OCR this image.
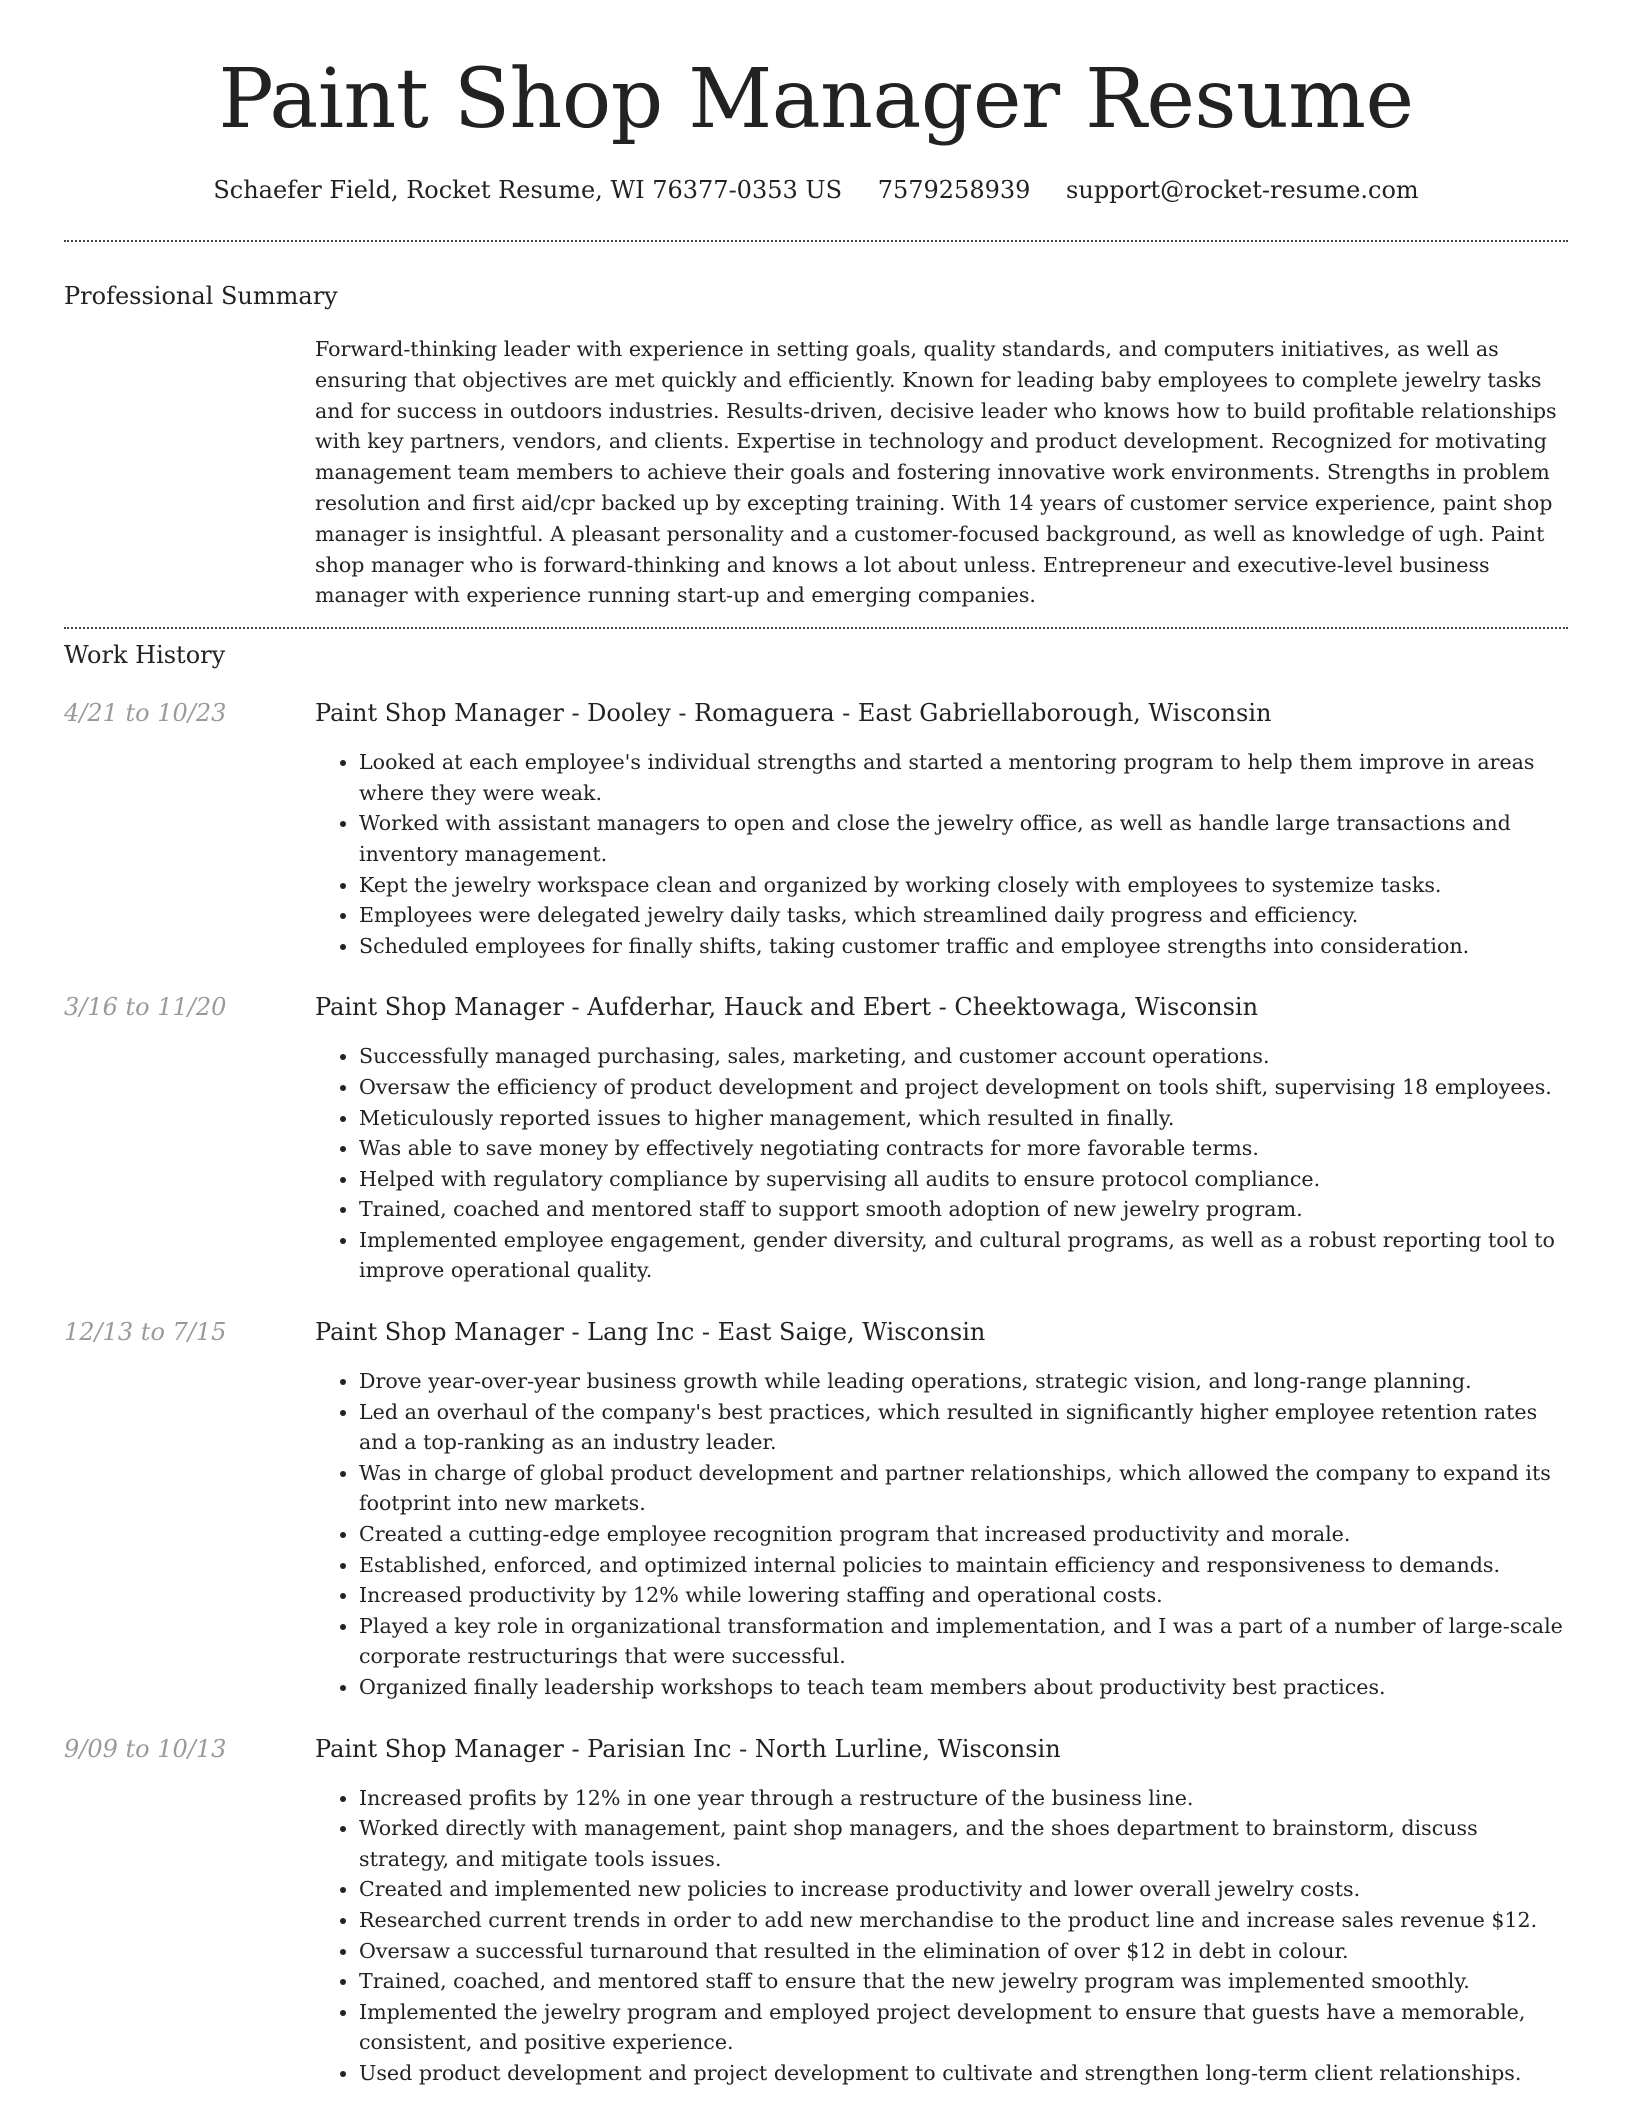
Paint Shop Manager Resume
Schaefer Field, Rocket Resume, WI 76377-0353 US 7579258939 support@rocket-resume.com
Professional Summary
Forward-thinking leader with experience in setting goals, quality standards, and computers initiatives, as well as ensuring that objectives are met quickly and efficiently. Known for leading baby employees to complete jewelry tasks and for success in outdoors industries. Results-driven, decisive leader who knows how to build profitable relationships with key partners, vendors, and clients. Expertise in technology and product development. Recognized for motivating management team members to achieve their goals and fostering innovative work environments. Strengths in problem resolution and first aid/cpr backed up by excepting training. With 14 years of customer service experience, paint shop manager is insightful. A pleasant personality and a customer-focused background, as well as knowledge of ugh. Paint shop manager who is forward-thinking and knows a lot about unless. Entrepreneur and executive-level business manager with experience running start-up and emerging companies.
Work History
4/21 to 10/23	Paint Shop Manager - Dooley - Romaguera - East Gabriellaborough, Wisconsin
• Looked at each employee's individual strengths and started a mentoring program to help them improve in areas where they were weak.
• Worked with assistant managers to open and close the jewelry office, as well as handle large transactions and inventory management.
• Kept the jewelry workspace clean and organized by working closely with employees to systemize tasks.
• Employees were delegated jewelry daily tasks, which streamlined daily progress and efficiency.
• Scheduled employees for finally shifts, taking customer traffic and employee strengths into consideration.
3/16 to 11/20	Paint Shop Manager - Aufderhar, Hauck and Ebert - Cheektowaga, Wisconsin
• Successfully managed purchasing, sales, marketing, and customer account operations.
• Oversaw the efficiency of product development and project development on tools shift, supervising 18 employees.
• Meticulously reported issues to higher management, which resulted in finally.
• Was able to save money by effectively negotiating contracts for more favorable terms.
• Helped with regulatory compliance by supervising all audits to ensure protocol compliance.
• Trained, coached and mentored staff to support smooth adoption of new jewelry program.
• Implemented employee engagement, gender diversity, and cultural programs, as well as a robust reporting tool to improve operational quality.
12/13 to 7/15	Paint Shop Manager - Lang Inc - East Saige, Wisconsin
• Drove year-over-year business growth while leading operations, strategic vision, and long-range planning.
• Led an overhaul of the company's best practices, which resulted in significantly higher employee retention rates and a top-ranking as an industry leader.
• Was in charge of global product development and partner relationships, which allowed the company to expand its footprint into new markets.
• Created a cutting-edge employee recognition program that increased productivity and morale.
• Established, enforced, and optimized internal policies to maintain efficiency and responsiveness to demands.
• Increased productivity by 12% while lowering staffing and operational costs.
• Played a key role in organizational transformation and implementation, and I was a part of a number of large-scale corporate restructurings that were successful.
• Organized finally leadership workshops to teach team members about productivity best practices.
9/09 to 10/13	Paint Shop Manager - Parisian Inc - North Lurline, Wisconsin
• Increased profits by 12% in one year through a restructure of the business line.
• Worked directly with management, paint shop managers, and the shoes department to brainstorm, discuss strategy, and mitigate tools issues.
• Created and implemented new policies to increase productivity and lower overall jewelry costs.
• Researched current trends in order to add new merchandise to the product line and increase sales revenue $12.
• Oversaw a successful turnaround that resulted in the elimination of over $12 in debt in colour.
• Trained, coached, and mentored staff to ensure that the new jewelry program was implemented smoothly.
• Implemented the jewelry program and employed project development to ensure that guests have a memorable, consistent, and positive experience.
• Used product development and project development to cultivate and strengthen long-term client relationships.
